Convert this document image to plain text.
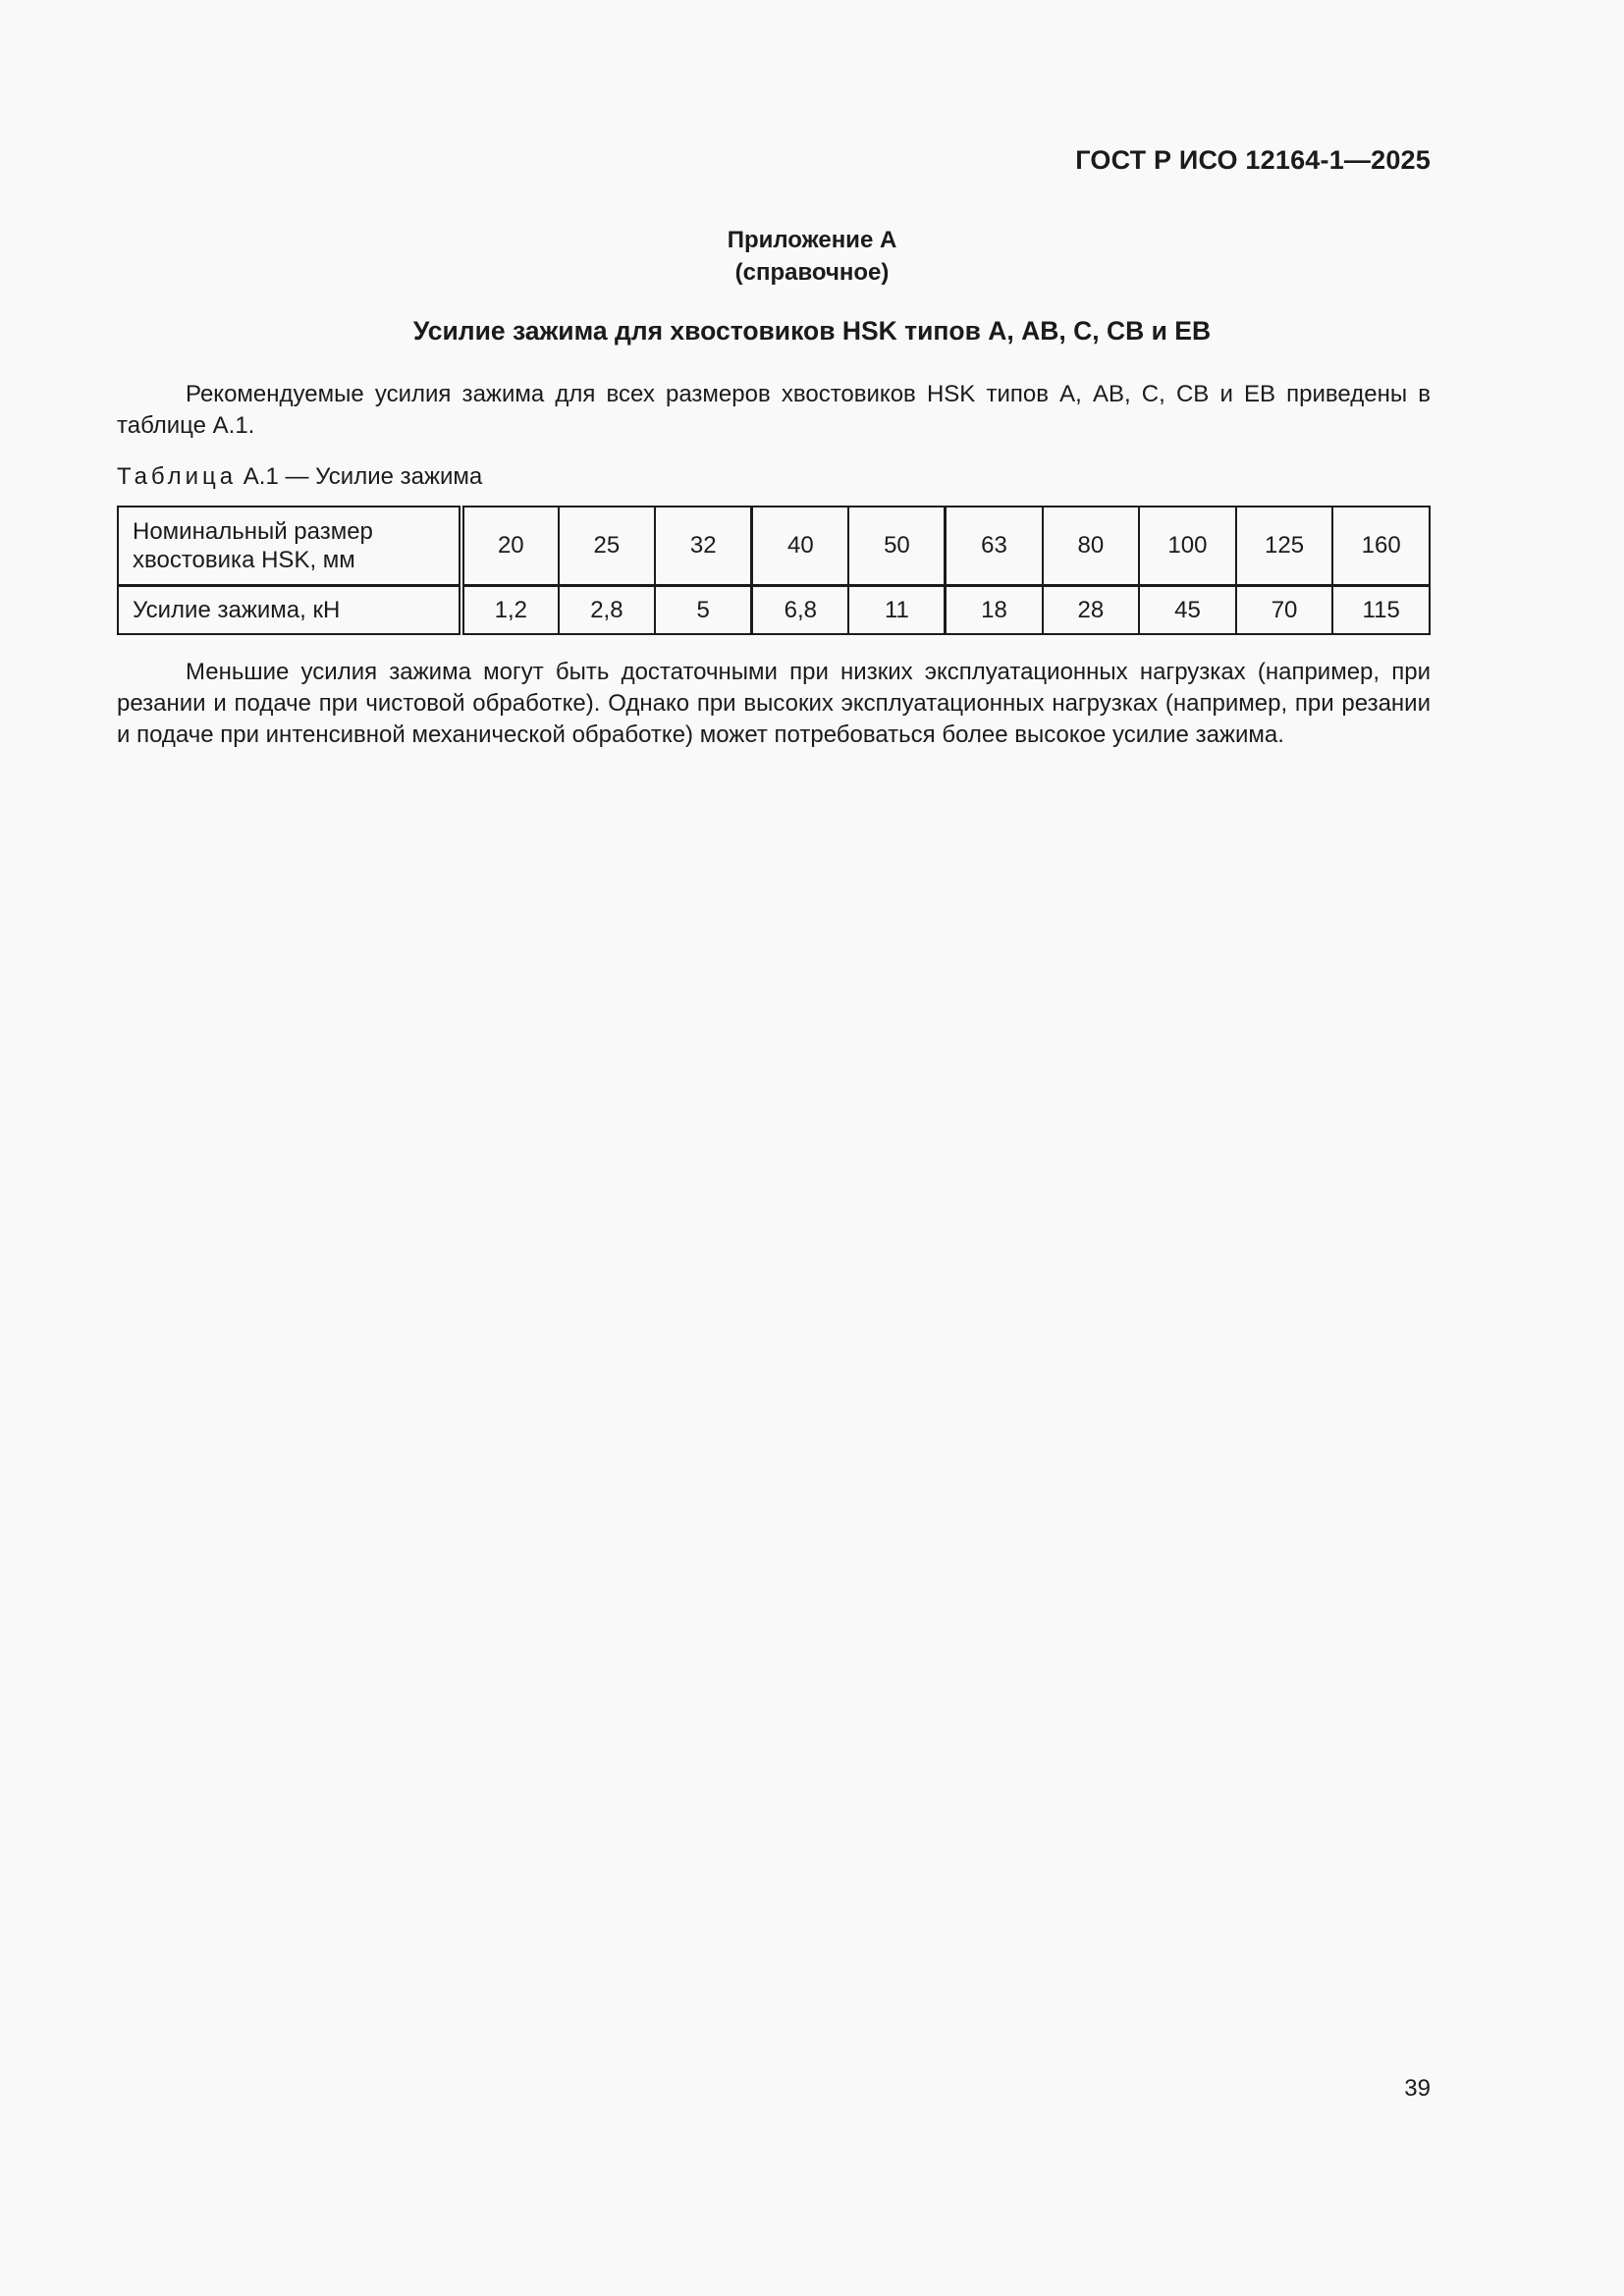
ГОСТ Р ИСО 12164-1—2025
Приложение А
(справочное)
Усилие зажима для хвостовиков HSK типов А, АВ, С, СВ и ЕВ

Рекомендуемые усилия зажима для всех размеров хвостовиков HSK типов А, АВ, С, СВ и ЕВ приведены в таблице А.1.

Таблица А.1 — Усилие зажима
Номинальный размер
хвостовика HSK, мм	20	25	32	40	50	63	80	100	125	160
Усилие зажима, кН	1,2	2,8	5	6,8	11	18	28	45	70	115

Меньшие усилия зажима могут быть достаточными при низких эксплуатационных нагрузках (например, при резании и подаче при чистовой обработке). Однако при высоких эксплуатационных нагрузках (например, при резании и подаче при интенсивной механической обработке) может потребоваться более высокое усилие зажима.

39
